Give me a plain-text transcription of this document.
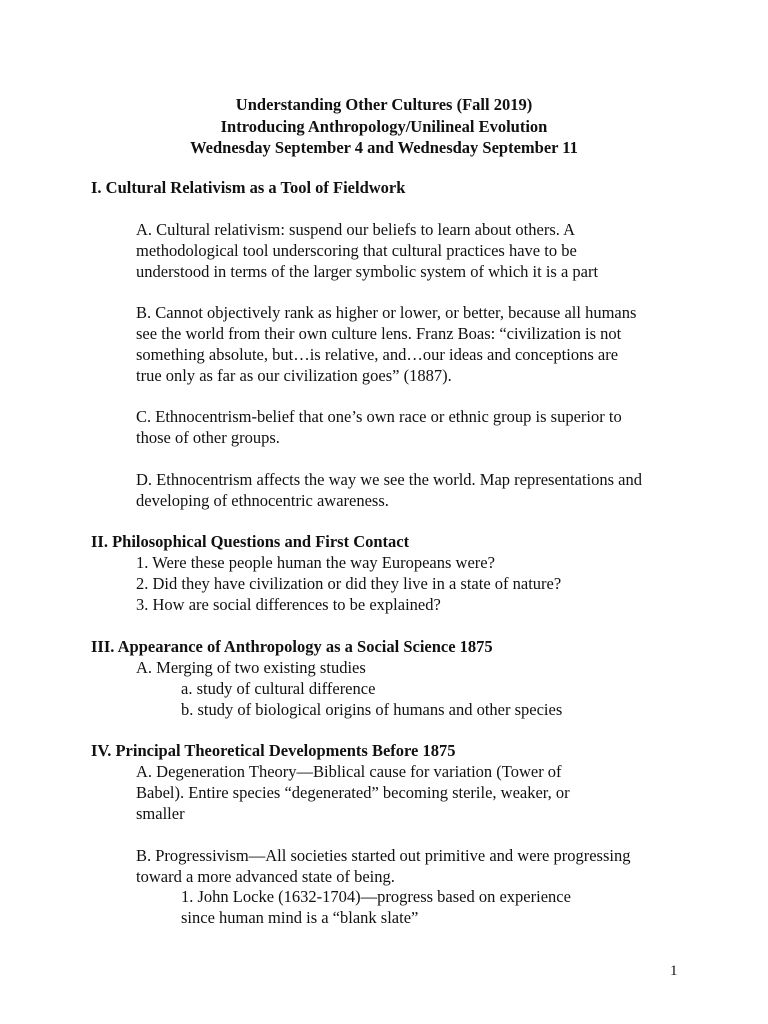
Understanding Other Cultures (Fall 2019)
Introducing Anthropology/Unilineal Evolution
Wednesday September 4 and Wednesday September 11
I. Cultural Relativism as a Tool of Fieldwork
A. Cultural relativism: suspend our beliefs to learn about others. A
methodological tool underscoring that cultural practices have to be
understood in terms of the larger symbolic system of which it is a part
B. Cannot objectively rank as higher or lower, or better, because all humans
see the world from their own culture lens. Franz Boas: “civilization is not
something absolute, but…is relative, and…our ideas and conceptions are
true only as far as our civilization goes” (1887).
C. Ethnocentrism-belief that one’s own race or ethnic group is superior to
those of other groups.
D. Ethnocentrism affects the way we see the world. Map representations and
developing of ethnocentric awareness.
II. Philosophical Questions and First Contact
1. Were these people human the way Europeans were?
2. Did they have civilization or did they live in a state of nature?
3. How are social differences to be explained?
III. Appearance of Anthropology as a Social Science 1875
A. Merging of two existing studies
a. study of cultural difference
b. study of biological origins of humans and other species
IV. Principal Theoretical Developments Before 1875
A. Degeneration Theory—Biblical cause for variation (Tower of
Babel). Entire species “degenerated” becoming sterile, weaker, or
smaller
B. Progressivism—All societies started out primitive and were progressing
toward a more advanced state of being.
1. John Locke (1632-1704)—progress based on experience
since human mind is a “blank slate”
1
